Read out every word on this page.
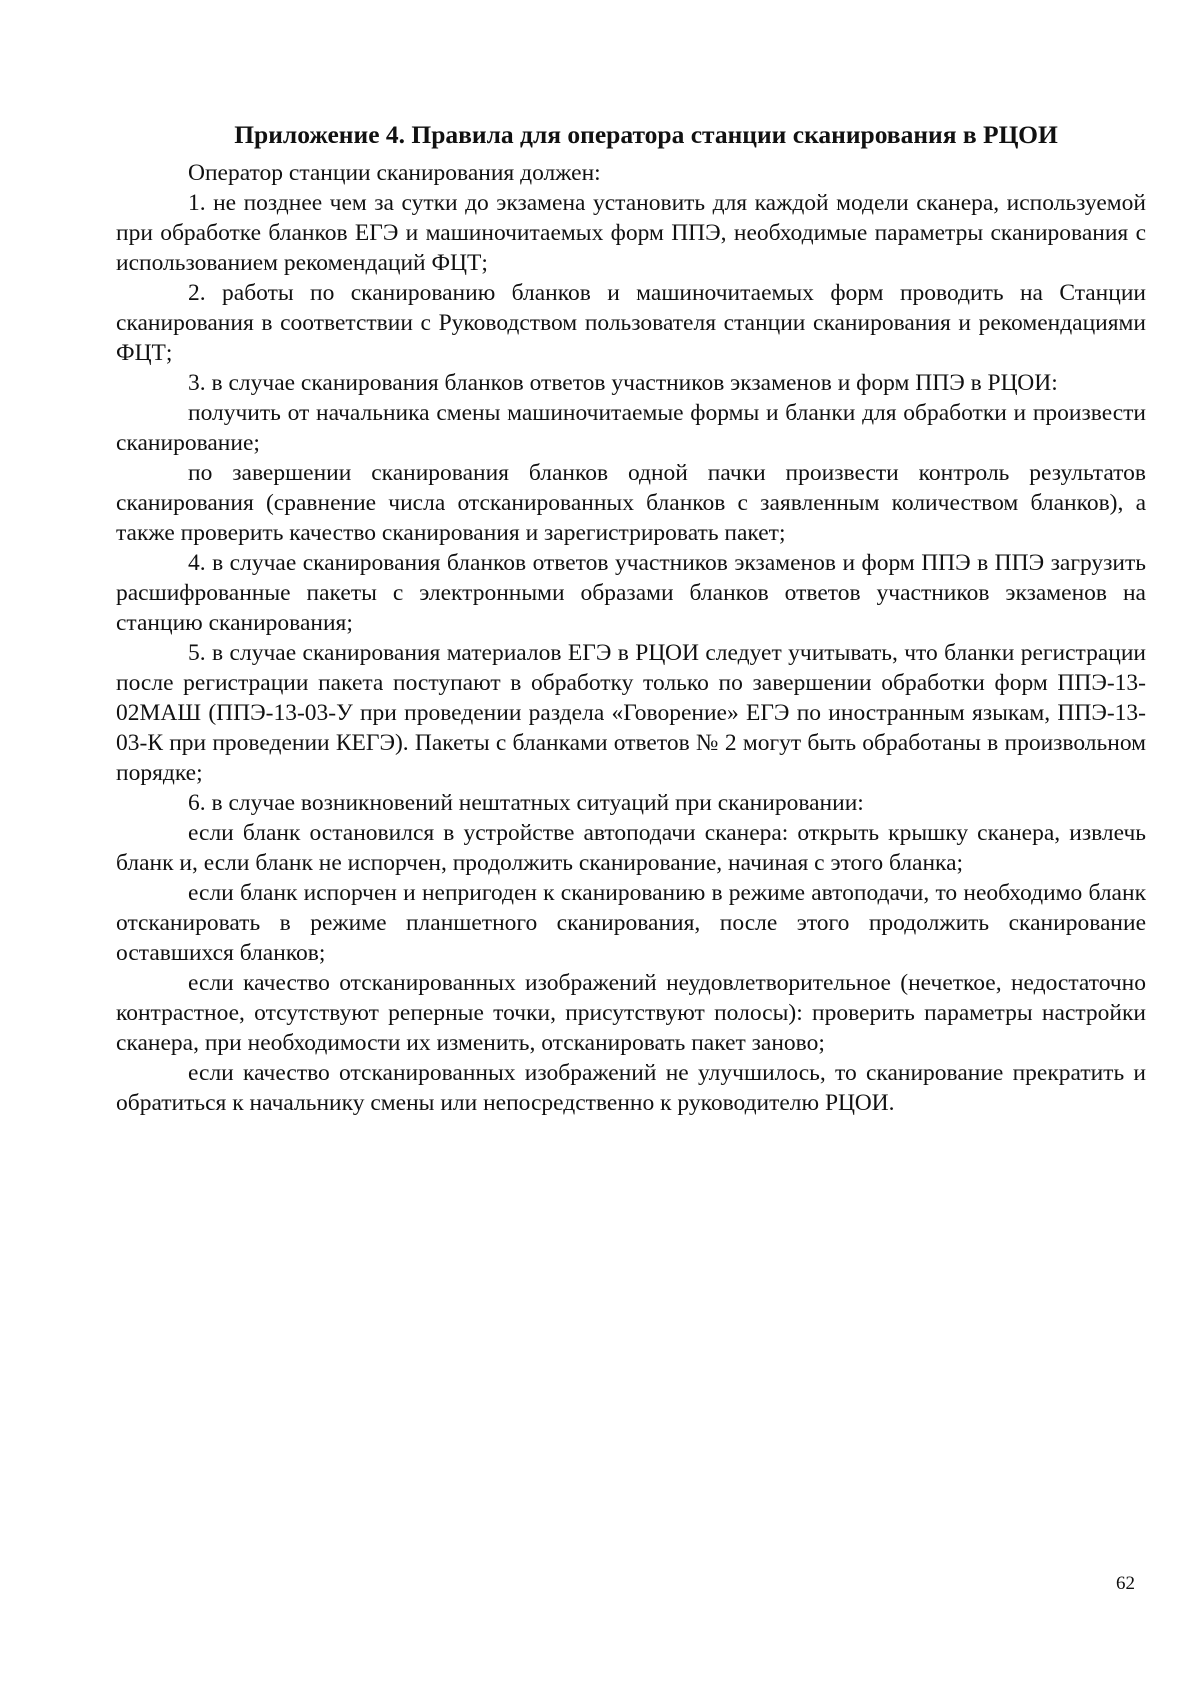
Приложение 4. Правила для оператора станции сканирования в РЦОИ

Оператор станции сканирования должен:

1. не позднее чем за сутки до экзамена установить для каждой модели сканера, используемой при обработке бланков ЕГЭ и машиночитаемых форм ППЭ, необходимые параметры сканирования с использованием рекомендаций ФЦТ;

2. работы по сканированию бланков и машиночитаемых форм проводить на Станции сканирования в соответствии с Руководством пользователя станции сканирования и рекомендациями ФЦТ;

3. в случае сканирования бланков ответов участников экзаменов и форм ППЭ в РЦОИ:

получить от начальника смены машиночитаемые формы и бланки для обработки и произвести сканирование;

по завершении сканирования бланков одной пачки произвести контроль результатов сканирования (сравнение числа отсканированных бланков с заявленным количеством бланков), а также проверить качество сканирования и зарегистрировать пакет;

4. в случае сканирования бланков ответов участников экзаменов и форм ППЭ в ППЭ загрузить расшифрованные пакеты с электронными образами бланков ответов участников экзаменов на станцию сканирования;

5. в случае сканирования материалов ЕГЭ в РЦОИ следует учитывать, что бланки регистрации после регистрации пакета поступают в обработку только по завершении обработки форм ППЭ-13-02МАШ (ППЭ-13-03-У при проведении раздела «Говорение» ЕГЭ по иностранным языкам, ППЭ-13-03-К при проведении КЕГЭ). Пакеты с бланками ответов № 2 могут быть обработаны в произвольном порядке;

6. в случае возникновений нештатных ситуаций при сканировании:

если бланк остановился в устройстве автоподачи сканера: открыть крышку сканера, извлечь бланк и, если бланк не испорчен, продолжить сканирование, начиная с этого бланка;

если бланк испорчен и непригоден к сканированию в режиме автоподачи, то необходимо бланк отсканировать в режиме планшетного сканирования, после этого продолжить сканирование оставшихся бланков;

если качество отсканированных изображений неудовлетворительное (нечеткое, недостаточно контрастное, отсутствуют реперные точки, присутствуют полосы): проверить параметры настройки сканера, при необходимости их изменить, отсканировать пакет заново;

если качество отсканированных изображений не улучшилось, то сканирование прекратить и обратиться к начальнику смены или непосредственно к руководителю РЦОИ.

62
